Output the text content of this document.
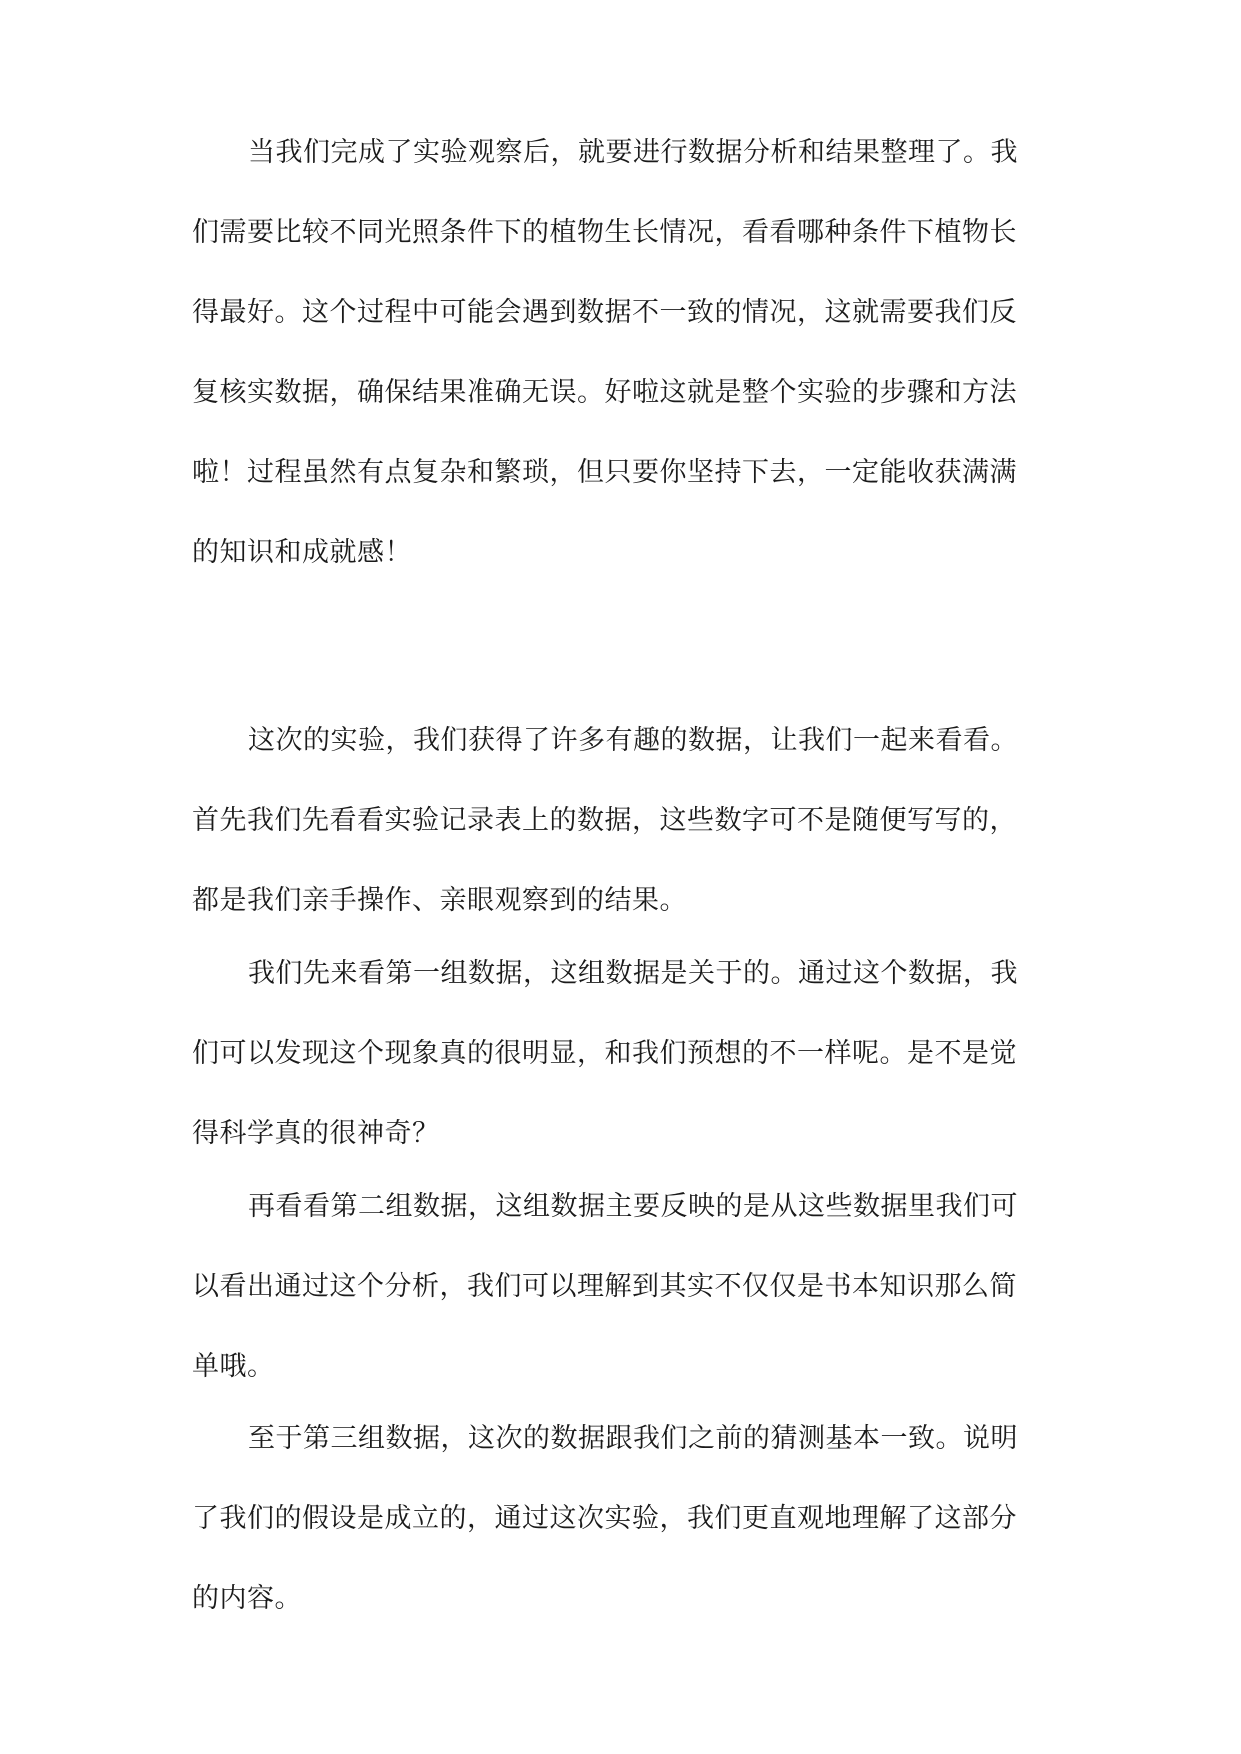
当我们完成了实验观察后，就要进行数据分析和结果整理了。我
们需要比较不同光照条件下的植物生长情况，看看哪种条件下植物长
得最好。这个过程中可能会遇到数据不一致的情况，这就需要我们反
复核实数据，确保结果准确无误。好啦这就是整个实验的步骤和方法
啦！过程虽然有点复杂和繁琐，但只要你坚持下去，一定能收获满满
的知识和成就感！
这次的实验，我们获得了许多有趣的数据，让我们一起来看看。
首先我们先看看实验记录表上的数据，这些数字可不是随便写写的，
都是我们亲手操作、亲眼观察到的结果。
我们先来看第一组数据，这组数据是关于的。通过这个数据，我
们可以发现这个现象真的很明显，和我们预想的不一样呢。是不是觉
得科学真的很神奇？
再看看第二组数据，这组数据主要反映的是从这些数据里我们可
以看出通过这个分析，我们可以理解到其实不仅仅是书本知识那么简
单哦。
至于第三组数据，这次的数据跟我们之前的猜测基本一致。说明
了我们的假设是成立的，通过这次实验，我们更直观地理解了这部分
的内容。
